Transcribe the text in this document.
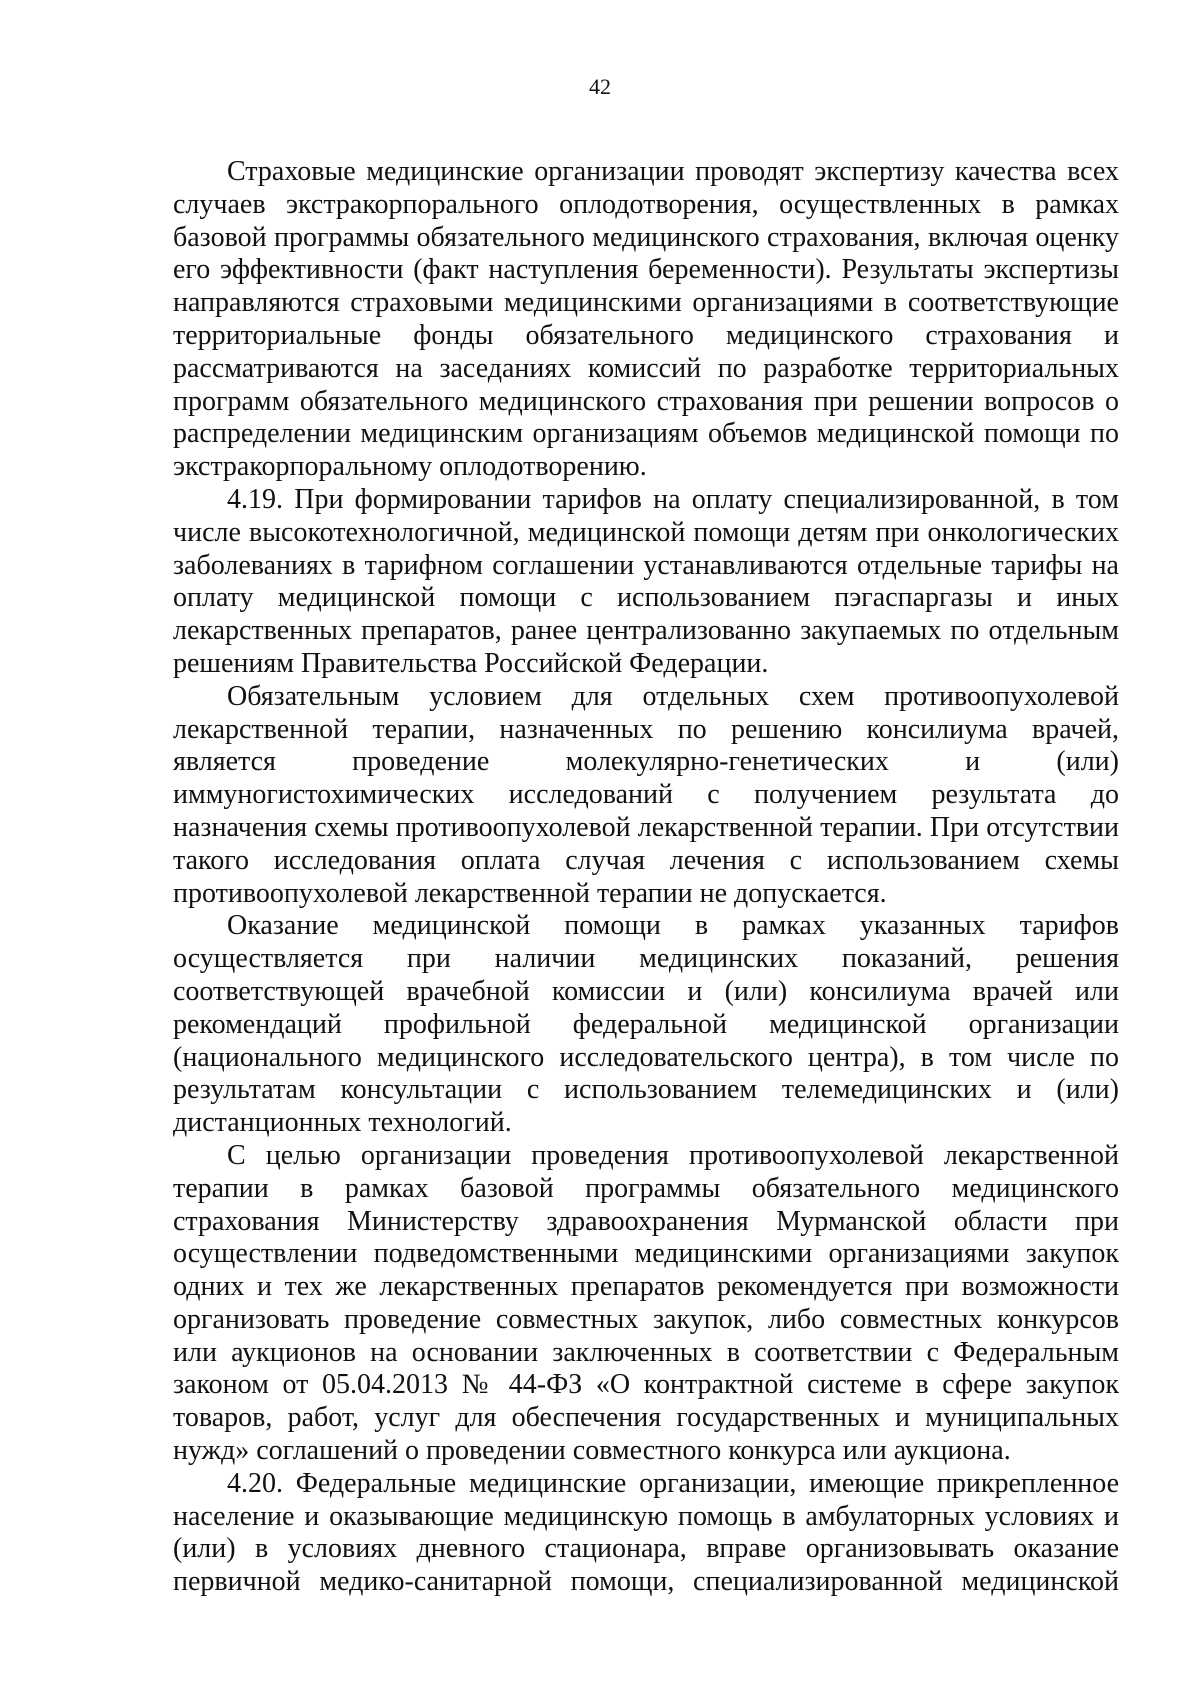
42

Страховые медицинские организации проводят экспертизу качества всех случаев экстракорпорального оплодотворения, осуществленных в рамках базовой программы обязательного медицинского страхования, включая оценку его эффективности (факт наступления беременности). Результаты экспертизы направляются страховыми медицинскими организациями в соответствующие территориальные фонды обязательного медицинского страхования и рассматриваются на заседаниях комиссий по разработке территориальных программ обязательного медицинского страхования при решении вопросов о распределении медицинским организациям объемов медицинской помощи по экстракорпоральному оплодотворению.

4.19. При формировании тарифов на оплату специализированной, в том числе высокотехнологичной, медицинской помощи детям при онкологических заболеваниях в тарифном соглашении устанавливаются отдельные тарифы на оплату медицинской помощи с использованием пэгаспаргазы и иных лекарственных препаратов, ранее централизованно закупаемых по отдельным решениям Правительства Российской Федерации.

Обязательным условием для отдельных схем противоопухолевой лекарственной терапии, назначенных по решению консилиума врачей, является проведение молекулярно-генетических и (или) иммуногистохимических исследований с получением результата до назначения схемы противоопухолевой лекарственной терапии. При отсутствии такого исследования оплата случая лечения с использованием схемы противоопухолевой лекарственной терапии не допускается.

Оказание медицинской помощи в рамках указанных тарифов осуществляется при наличии медицинских показаний, решения соответствующей врачебной комиссии и (или) консилиума врачей или рекомендаций профильной федеральной медицинской организации (национального медицинского исследовательского центра), в том числе по результатам консультации с использованием телемедицинских и (или) дистанционных технологий.

С целью организации проведения противоопухолевой лекарственной терапии в рамках базовой программы обязательного медицинского страхования Министерству здравоохранения Мурманской области при осуществлении подведомственными медицинскими организациями закупок одних и тех же лекарственных препаратов рекомендуется при возможности организовать проведение совместных закупок, либо совместных конкурсов или аукционов на основании заключенных в соответствии с Федеральным законом от 05.04.2013 № 44-ФЗ «О контрактной системе в сфере закупок товаров, работ, услуг для обеспечения государственных и муниципальных нужд» соглашений о проведении совместного конкурса или аукциона.

4.20. Федеральные медицинские организации, имеющие прикрепленное население и оказывающие медицинскую помощь в амбулаторных условиях и (или) в условиях дневного стационара, вправе организовывать оказание первичной медико-санитарной помощи, специализированной медицинской
